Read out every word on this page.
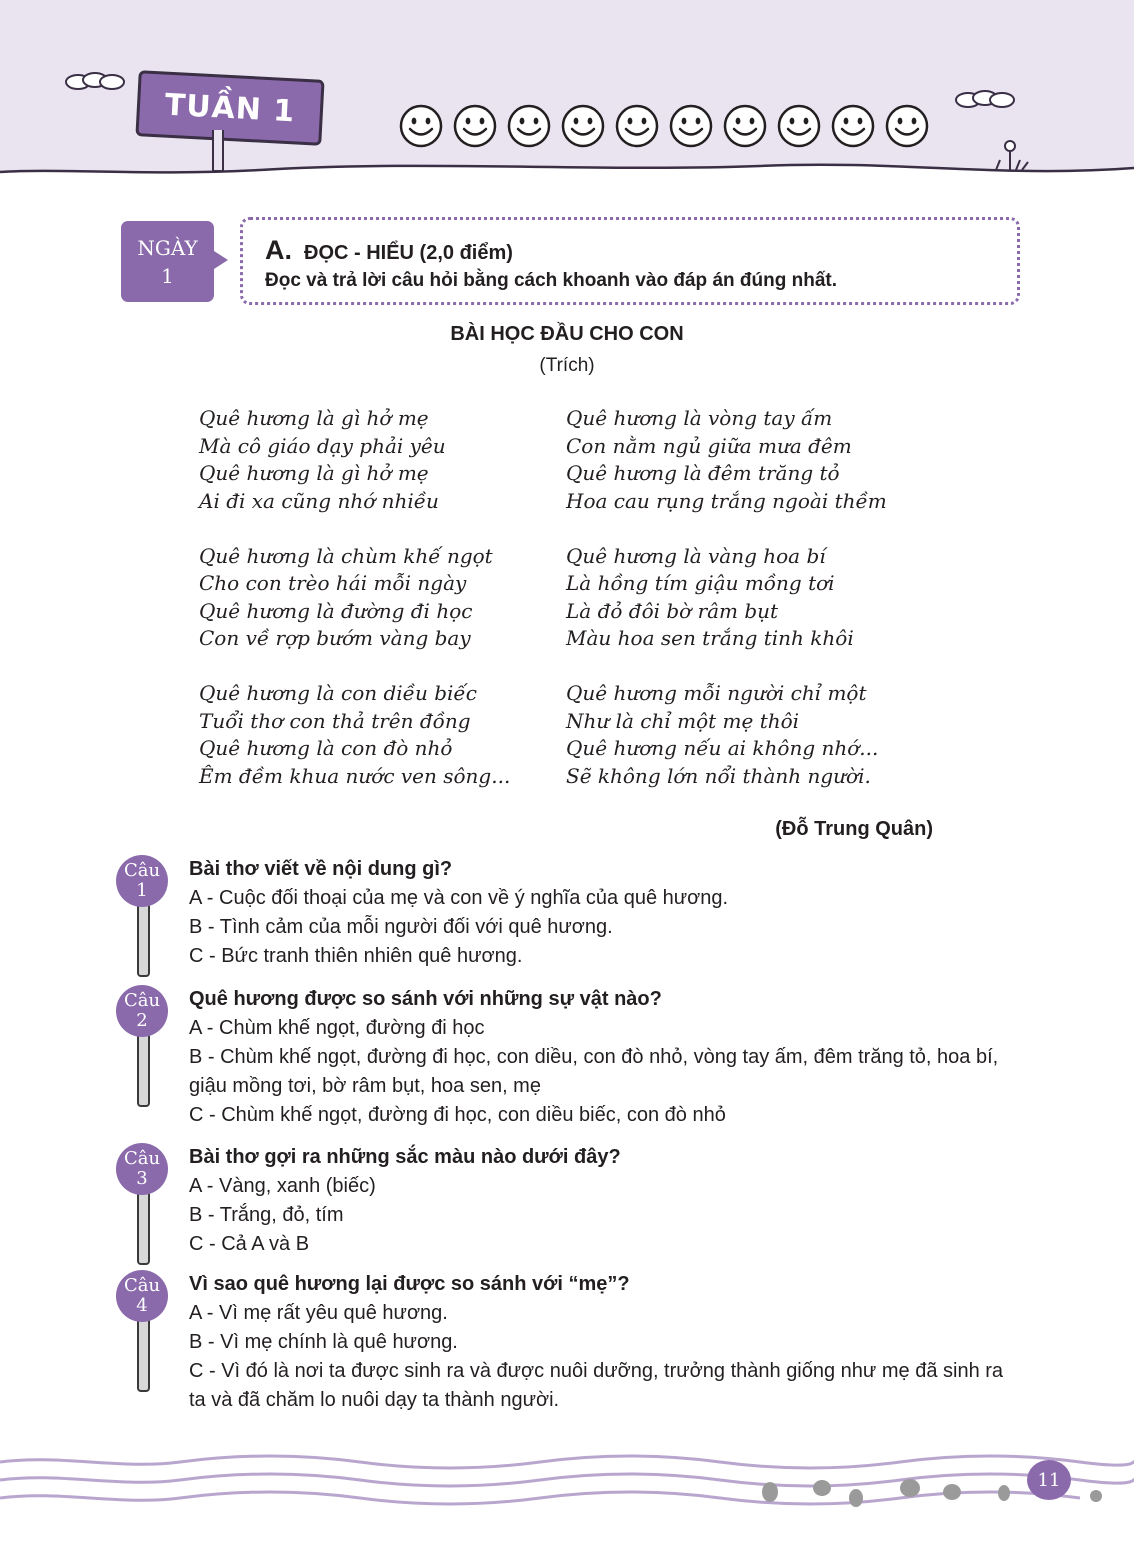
TUẦN 1
NGÀY
1
A. ĐỌC - HIỂU (2,0 điểm)
Đọc và trả lời câu hỏi bằng cách khoanh vào đáp án đúng nhất.
BÀI HỌC ĐẦU CHO CON
(Trích)
Quê hương là gì hở mẹ
Mà cô giáo dạy phải yêu
Quê hương là gì hở mẹ
Ai đi xa cũng nhớ nhiều
Quê hương là chùm khế ngọt
Cho con trèo hái mỗi ngày
Quê hương là đường đi học
Con về rợp bướm vàng bay
Quê hương là con diều biếc
Tuổi thơ con thả trên đồng
Quê hương là con đò nhỏ
Êm đềm khua nước ven sông...
Quê hương là vòng tay ấm
Con nằm ngủ giữa mưa đêm
Quê hương là đêm trăng tỏ
Hoa cau rụng trắng ngoài thềm
Quê hương là vàng hoa bí
Là hồng tím giậu mồng tơi
Là đỏ đôi bờ râm bụt
Màu hoa sen trắng tinh khôi
Quê hương mỗi người chỉ một
Như là chỉ một mẹ thôi
Quê hương nếu ai không nhớ...
Sẽ không lớn nổi thành người.
(Đỗ Trung Quân)
Câu
1
Bài thơ viết về nội dung gì?
A - Cuộc đối thoại của mẹ và con về ý nghĩa của quê hương.
B - Tình cảm của mỗi người đối với quê hương.
C - Bức tranh thiên nhiên quê hương.
Câu
2
Quê hương được so sánh với những sự vật nào?
A - Chùm khế ngọt, đường đi học
B - Chùm khế ngọt, đường đi học, con diều, con đò nhỏ, vòng tay ấm, đêm trăng tỏ, hoa bí, giậu mồng tơi, bờ râm bụt, hoa sen, mẹ
C - Chùm khế ngọt, đường đi học, con diều biếc, con đò nhỏ
Câu
3
Bài thơ gợi ra những sắc màu nào dưới đây?
A - Vàng, xanh (biếc)
B - Trắng, đỏ, tím
C - Cả A và B
Câu
4
Vì sao quê hương lại được so sánh với “mẹ”?
A - Vì mẹ rất yêu quê hương.
B - Vì mẹ chính là quê hương.
C - Vì đó là nơi ta được sinh ra và được nuôi dưỡng, trưởng thành giống như mẹ đã sinh ra ta và đã chăm lo nuôi dạy ta thành người.
11
